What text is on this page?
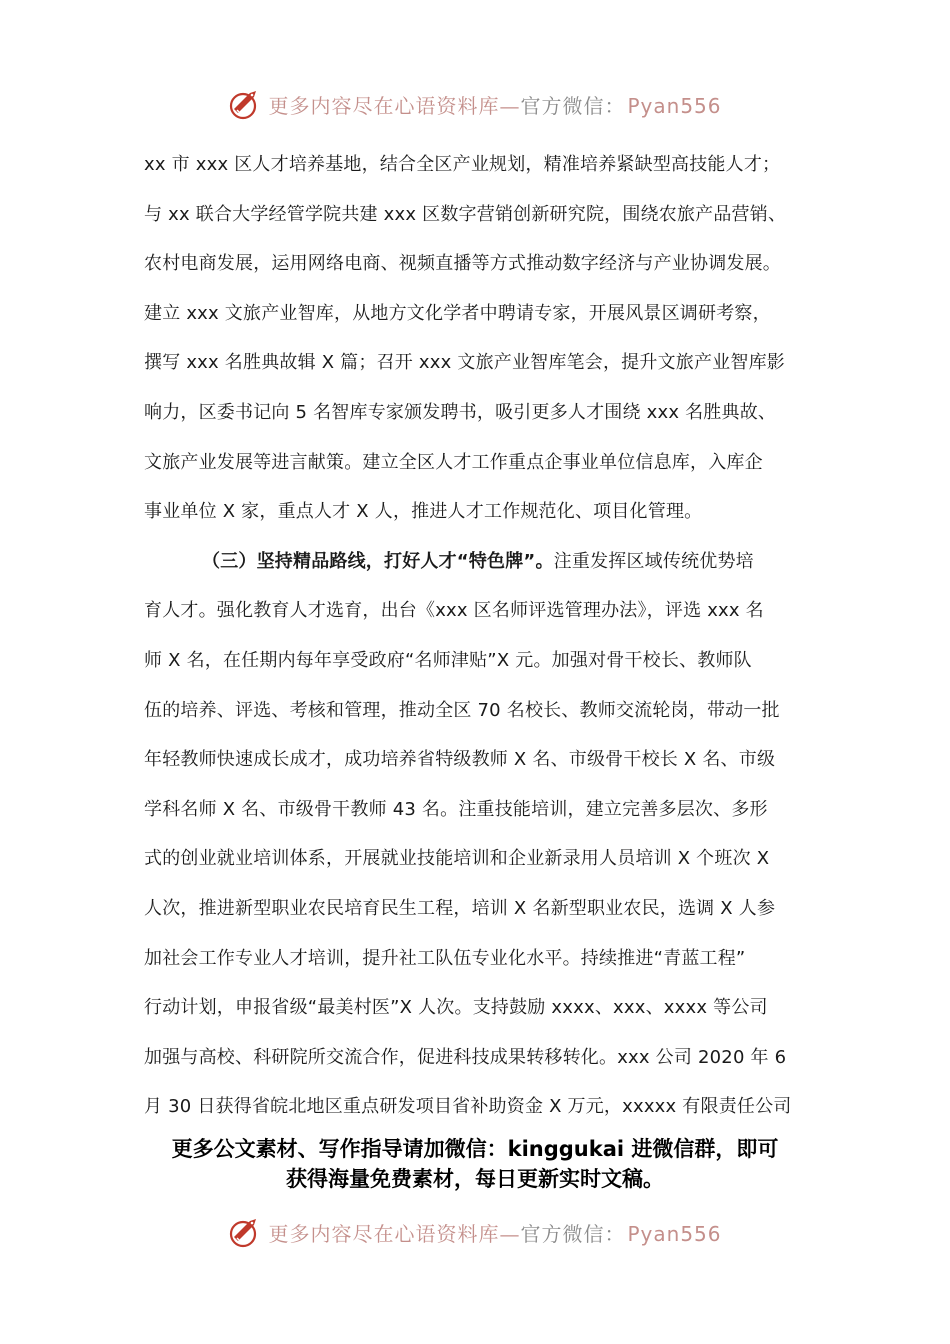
更多内容尽在心语资料库—官方微信： Pyan556
xx 市 xxx 区人才培养基地，结合全区产业规划，精准培养紧缺型高技能人才；
与 xx 联合大学经管学院共建 xxx 区数字营销创新研究院，围绕农旅产品营销、
农村电商发展，运用网络电商、视频直播等方式推动数字经济与产业协调发展。
建立 xxx 文旅产业智库，从地方文化学者中聘请专家，开展风景区调研考察，
撰写 xxx 名胜典故辑 X 篇；召开 xxx 文旅产业智库笔会，提升文旅产业智库影
响力，区委书记向 5 名智库专家颁发聘书，吸引更多人才围绕 xxx 名胜典故、
文旅产业发展等进言献策。建立全区人才工作重点企事业单位信息库，入库企
事业单位 X 家，重点人才 X 人，推进人才工作规范化、项目化管理。
（三）坚持精品路线，打好人才“特色牌”。注重发挥区域传统优势培
育人才。强化教育人才选育，出台《xxx 区名师评选管理办法》，评选 xxx 名
师 X 名，在任期内每年享受政府“名师津贴”X 元。加强对骨干校长、教师队
伍的培养、评选、考核和管理，推动全区 70 名校长、教师交流轮岗，带动一批
年轻教师快速成长成才，成功培养省特级教师 X 名、市级骨干校长 X 名、市级
学科名师 X 名、市级骨干教师 43 名。注重技能培训，建立完善多层次、多形
式的创业就业培训体系，开展就业技能培训和企业新录用人员培训 X 个班次 X
人次，推进新型职业农民培育民生工程，培训 X 名新型职业农民，选调 X 人参
加社会工作专业人才培训，提升社工队伍专业化水平。持续推进“青蓝工程”
行动计划，申报省级“最美村医”X 人次。支持鼓励 xxxx、xxx、xxxx 等公司
加强与高校、科研院所交流合作，促进科技成果转移转化。xxx 公司 2020 年 6
月 30 日获得省皖北地区重点研发项目省补助资金 X 万元，xxxxx 有限责任公司
更多公文素材、写作指导请加微信：kinggukai 进微信群，即可
获得海量免费素材，每日更新实时文稿。
更多内容尽在心语资料库—官方微信： Pyan556
